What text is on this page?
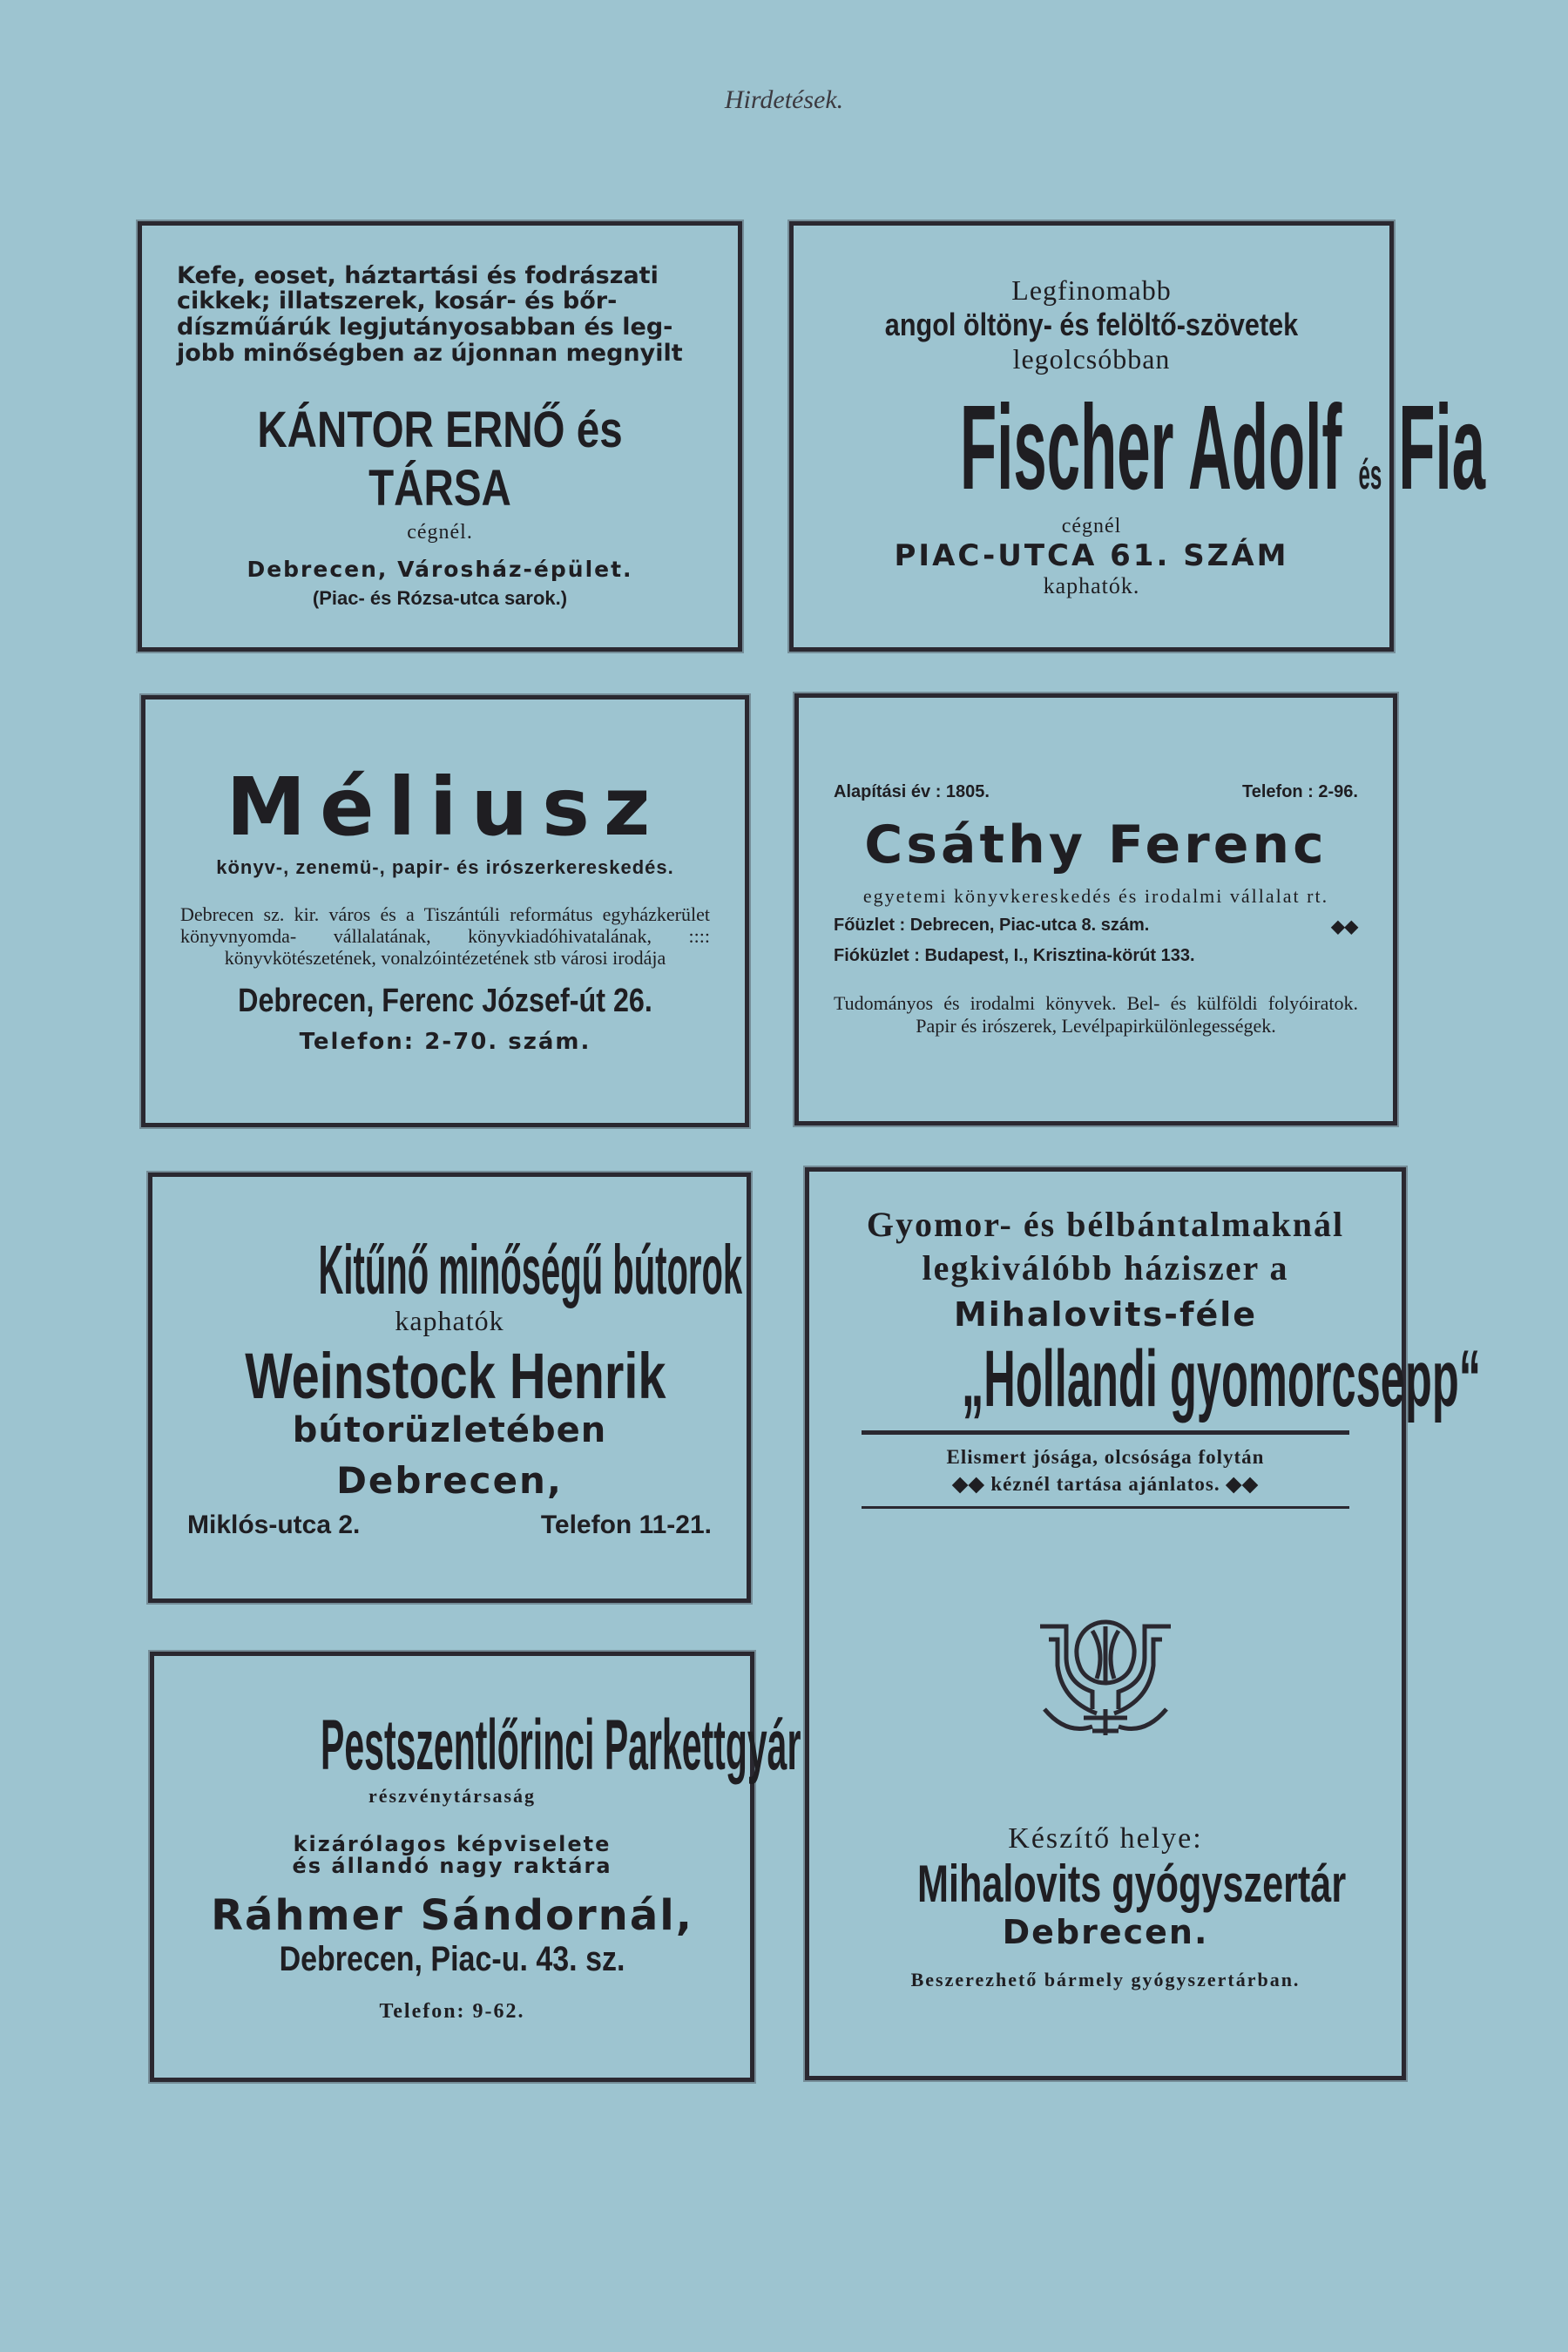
Hirdetések.

Kefe, eoset, háztartási és fodrászati cikkek; illatszerek, kosár- és bőr- díszműárúk legjutányosabban és leg- jobb minőségben az újonnan megnyilt

KÁNTOR ERNŐ és TÁRSA

cégnél.

Debrecen, Városház-épület.

(Piac- és Rózsa-utca sarok.)

Legfinomabb

angol öltöny- és felöltő-szövetek

legolcsóbban

Fischer Adolf és Fia

cégnél

PIAC-UTCA 61. SZÁM

kaphatók.

Méliusz

könyv-, zenemü-, papir- és irószerkereskedés.

Debrecen sz. kir. város és a Tiszántúli református egyházkerület könyvnyomda- vállalatának, könyvkiadóhivatalának, :::: könyvkötészetének, vonalzóintézetének stb városi irodája

Debrecen, Ferenc József-út 26.

Telefon: 2-70. szám.

Alapítási év : 1805.	Telefon : 2-96.

Csáthy Ferenc

egyetemi könyvkereskedés és irodalmi vállalat rt.

Főüzlet : Debrecen, Piac-utca 8. szám.	◆◆
Fióküzlet : Budapest, I., Krisztina-körút 133.

Tudományos és irodalmi könyvek. Bel- és külföldi folyóiratok. Papir és irószerek, Levélpapirkülönlegességek.

Kitűnő minőségű bútorok

kaphatók

Weinstock Henrik

bútorüzletében

Debrecen,

Miklós-utca 2.	Telefon 11-21.

Pestszentlőrinci Parkettgyár

részvénytársaság

kizárólagos képviselete

és állandó nagy raktára

Ráhmer Sándornál,

Debrecen, Piac-u. 43. sz.

Telefon: 9-62.

Gyomor- és bélbántalmaknál

legkiválóbb háziszer a

Mihalovits-féle

„Hollandi gyomorcsepp“

Elismert jósága, olcsósága folytán

◆◆ kéznél tartása ajánlatos. ◆◆

Készítő helye:

Mihalovits gyógyszertár

Debrecen.

Beszerezhető bármely gyógyszertárban.
